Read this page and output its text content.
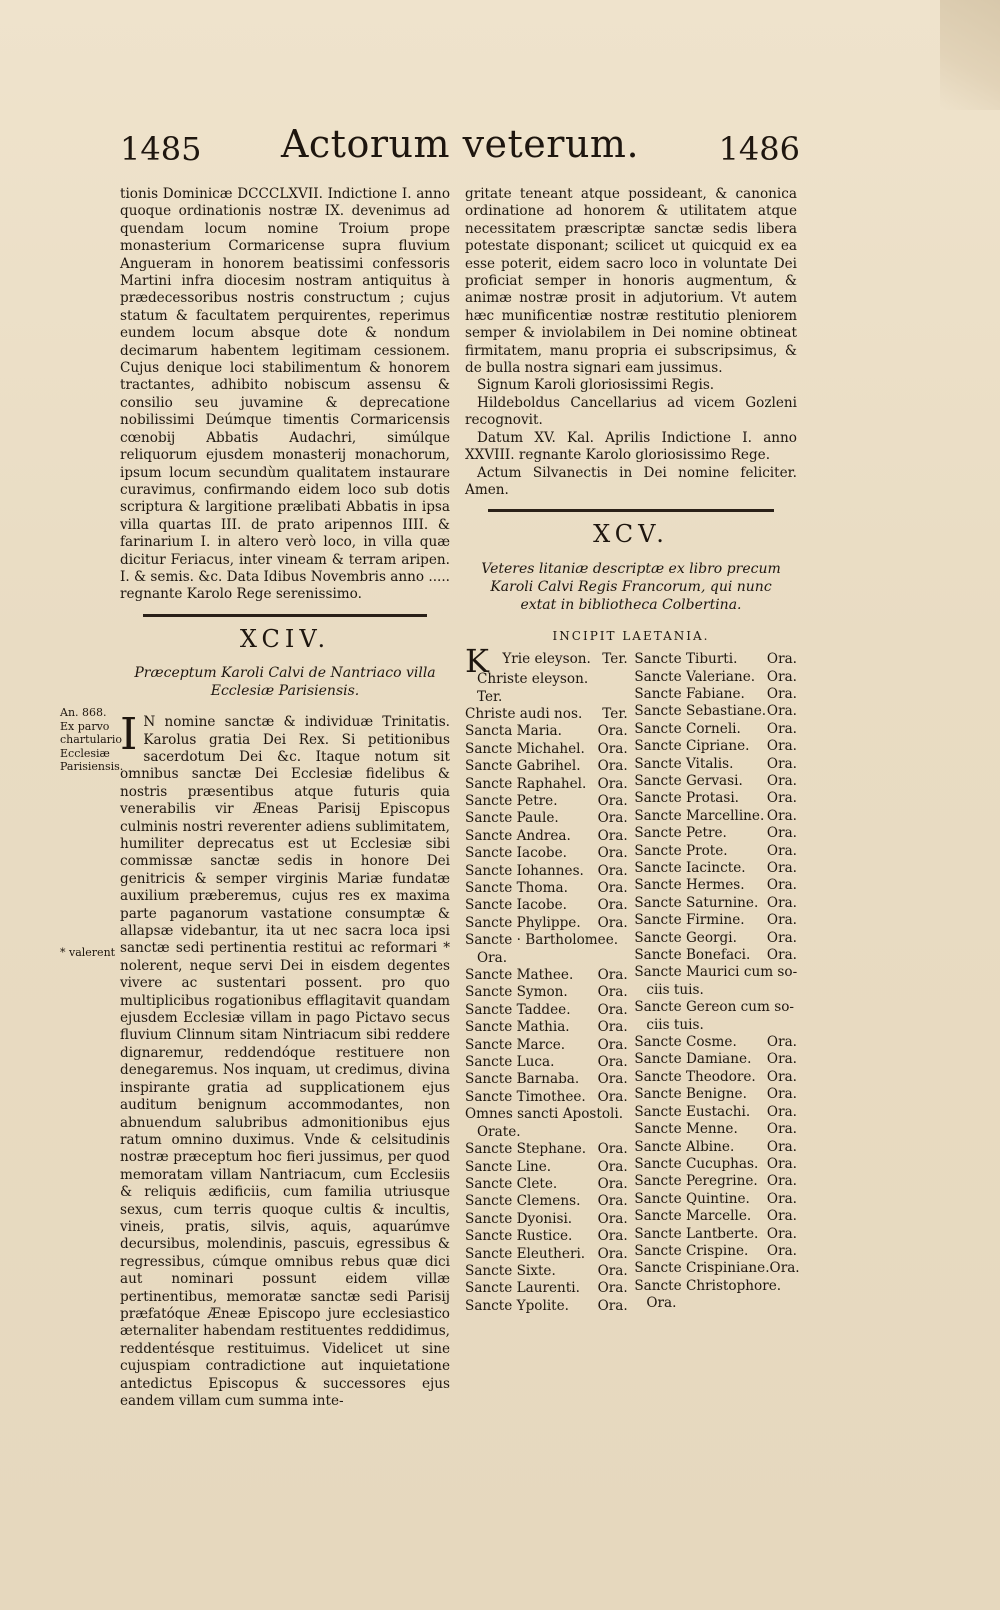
1485	Actorum veterum.	1486
An. 868. Ex parvo chartulario Ecclesiæ Parisiensis.
* valerent

tionis Dominicæ DCCCLXVII. Indictione I. anno quoque ordinationis nostræ IX. devenimus ad quendam locum nomine Troium prope monasterium Cormaricense supra fluvium Angueram in honorem beatissimi confessoris Martini infra diocesim nostram antiquitus à prædecessoribus nostris constructum ; cujus statum & facultatem perquirentes, reperimus eundem locum absque dote & nondum decimarum habentem legitimam cessionem. Cujus denique loci stabilimentum & honorem tractantes, adhibito nobiscum assensu & consilio seu juvamine & deprecatione nobilissimi Deúmque timentis Cormaricensis cœnobij Abbatis Audachri, simúlque reliquorum ejusdem monasterij monachorum, ipsum locum secundùm qualitatem instaurare curavimus, confirmando eidem loco sub dotis scriptura & largitione prælibati Abbatis in ipsa villa quartas III. de prato aripennos IIII. & farinarium I. in altero verò loco, in villa quæ dicitur Feriacus, inter vineam & terram aripen. I. & semis. &c. Data Idibus Novembris anno ..... regnante Karolo Rege serenissimo.

XCIV.
Præceptum Karoli Calvi de Nantriaco villa Ecclesiæ Parisiensis.

I N nomine sanctæ & individuæ Trinitatis. Karolus gratia Dei Rex. Si petitionibus sacerdotum Dei &c. Itaque notum sit omnibus sanctæ Dei Ecclesiæ fidelibus & nostris præsentibus atque futuris quia venerabilis vir Æneas Parisij Episcopus culminis nostri reverenter adiens sublimitatem, humiliter deprecatus est ut Ecclesiæ sibi commissæ sanctæ sedis in honore Dei genitricis & semper virginis Mariæ fundatæ auxilium præberemus, cujus res ex maxima parte paganorum vastatione consumptæ & allapsæ videbantur, ita ut nec sacra loca ipsi sanctæ sedi pertinentia restitui ac reformari * nolerent, neque servi Dei in eisdem degentes vivere ac sustentari possent. pro quo multiplicibus rogationibus efflagitavit quandam ejusdem Ecclesiæ villam in pago Pictavo secus fluvium Clinnum sitam Nintriacum sibi reddere dignaremur, reddendóque restituere non denegaremus. Nos inquam, ut credimus, divina inspirante gratia ad supplicationem ejus auditum benignum accommodantes, non abnuendum salubribus admonitionibus ejus ratum omnino duximus. Vnde & celsitudinis nostræ præceptum hoc fieri jussimus, per quod memoratam villam Nantriacum, cum Ecclesiis & reliquis ædificiis, cum familia utriusque sexus, cum terris quoque cultis & incultis, vineis, pratis, silvis, aquis, aquarúmve decursibus, molendinis, pascuis, egressibus & regressibus, cúmque omnibus rebus quæ dici aut nominari possunt eidem villæ pertinentibus, memoratæ sanctæ sedi Parisij præfatóque Æneæ Episcopo jure ecclesiastico æternaliter habendam restituentes reddidimus, reddentésque restituimus. Videlicet ut sine cujuspiam contradictione aut inquietatione antedictus Episcopus & successores ejus eandem villam cum summa inte-

gritate teneant atque possideant, & canonica ordinatione ad honorem & utilitatem atque necessitatem præscriptæ sanctæ sedis libera potestate disponant; scilicet ut quicquid ex ea esse poterit, eidem sacro loco in voluntate Dei proficiat semper in honoris augmentum, & animæ nostræ prosit in adjutorium. Vt autem hæc munificentiæ nostræ restitutio pleniorem semper & inviolabilem in Dei nomine obtineat firmitatem, manu propria ei subscripsimus, & de bulla nostra signari eam jussimus.

Signum Karoli gloriosissimi Regis.

Hildeboldus Cancellarius ad vicem Gozleni recognovit.

Datum XV. Kal. Aprilis Indictione I. anno XXVIII. regnante Karolo gloriosissimo Rege.

Actum Silvanectis in Dei nomine feliciter. Amen.

XCV.
Veteres litaniæ descriptæ ex libro precum Karoli Calvi Regis Francorum, qui nunc extat in bibliotheca Colbertina.
INCIPIT LAETANIA.
K Yrie eleyson. Ter.
Christe eleyson.
Ter.
Christe audi nos. Ter.
Sancta Maria.	Ora.
Sancte Michahel. Ora.
Sancte Gabrihel. Ora.
Sancte Raphahel. Ora.
Sancte Petre.	Ora.
Sancte Paule.	Ora.
Sancte Andrea. Ora.
Sancte Iacobe. Ora.
Sancte Iohannes. Ora.
Sancte Thoma. Ora.
Sancte Iacobe. Ora.
Sancte Phylippe. Ora.
Sancte · Bartholomee.
Ora.
Sancte Mathee. Ora.
Sancte Symon. Ora.
Sancte Taddee. Ora.
Sancte Mathia. Ora.
Sancte Marce. Ora.
Sancte Luca.	Ora.
Sancte Barnaba. Ora.
Sancte Timothee. Ora.
Omnes sancti Apostoli.
Orate.
Sancte Stephane. Ora.
Sancte Line.	Ora.
Sancte Clete.	Ora.
Sancte Clemens. Ora.
Sancte Dyonisi. Ora.
Sancte Rustice. Ora.
Sancte Eleutheri. Ora.
Sancte Sixte.	Ora.
Sancte Laurenti. Ora.
Sancte Ypolite. Ora.
Sancte Tiburti. Ora.
Sancte Valeriane. Ora.
Sancte Fabiane. Ora.
Sancte Sebastiane. Ora.
Sancte Corneli. Ora.
Sancte Cipriane. Ora.
Sancte Vitalis. Ora.
Sancte Gervasi. Ora.
Sancte Protasi. Ora.
Sancte Marcelline. Ora.
Sancte Petre.	Ora.
Sancte Prote.	Ora.
Sancte Iacincte. Ora.
Sancte Hermes. Ora.
Sancte Saturnine. Ora.
Sancte Firmine. Ora.
Sancte Georgi. Ora.
Sancte Bonefaci. Ora.
Sancte Maurici cum so-
ciis tuis.
Sancte Gereon cum so-
ciis tuis.
Sancte Cosme. Ora.
Sancte Damiane. Ora.
Sancte Theodore. Ora.
Sancte Benigne. Ora.
Sancte Eustachi. Ora.
Sancte Menne. Ora.
Sancte Albine. Ora.
Sancte Cucuphas. Ora.
Sancte Peregrine. Ora.
Sancte Quintine. Ora.
Sancte Marcelle. Ora.
Sancte Lantberte. Ora.
Sancte Crispine. Ora.
Sancte Crispiniane. Ora.
Sancte Christophore.
Ora.
